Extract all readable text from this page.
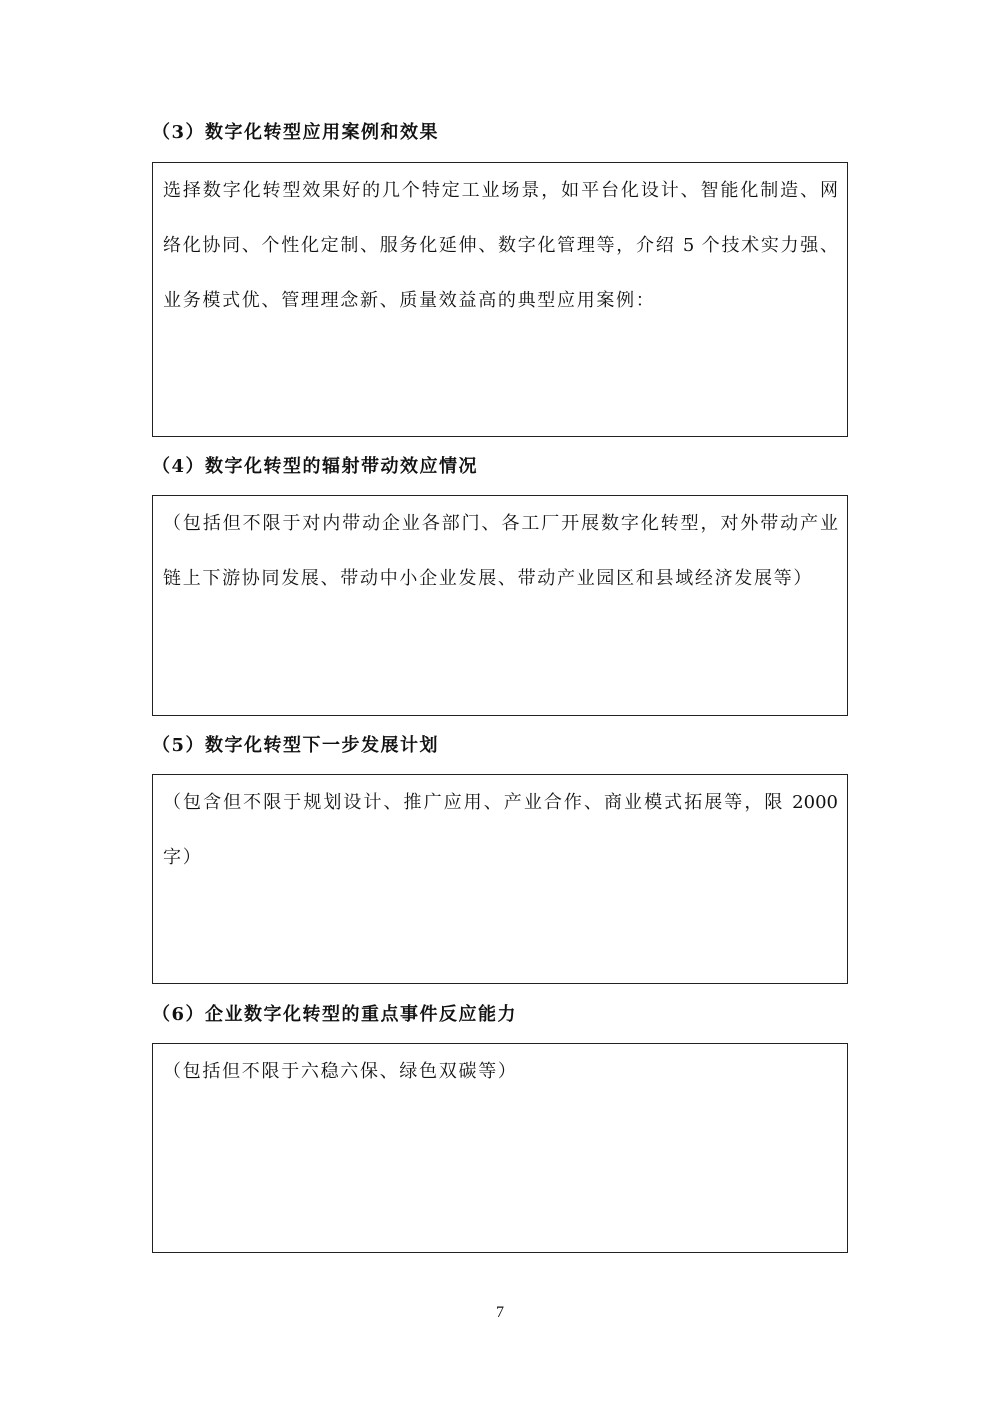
（3）数字化转型应用案例和效果
选择数字化转型效果好的几个特定工业场景，如平台化设计、智能化制造、网
络化协同、个性化定制、服务化延伸、数字化管理等，介绍 5 个技术实力强、
业务模式优、管理理念新、质量效益高的典型应用案例：
（4）数字化转型的辐射带动效应情况
（包括但不限于对内带动企业各部门、各工厂开展数字化转型，对外带动产业
链上下游协同发展、带动中小企业发展、带动产业园区和县域经济发展等）
（5）数字化转型下一步发展计划
（包含但不限于规划设计、推广应用、产业合作、商业模式拓展等，限 2000
字）
（6）企业数字化转型的重点事件反应能力
（包括但不限于六稳六保、绿色双碳等）
7
